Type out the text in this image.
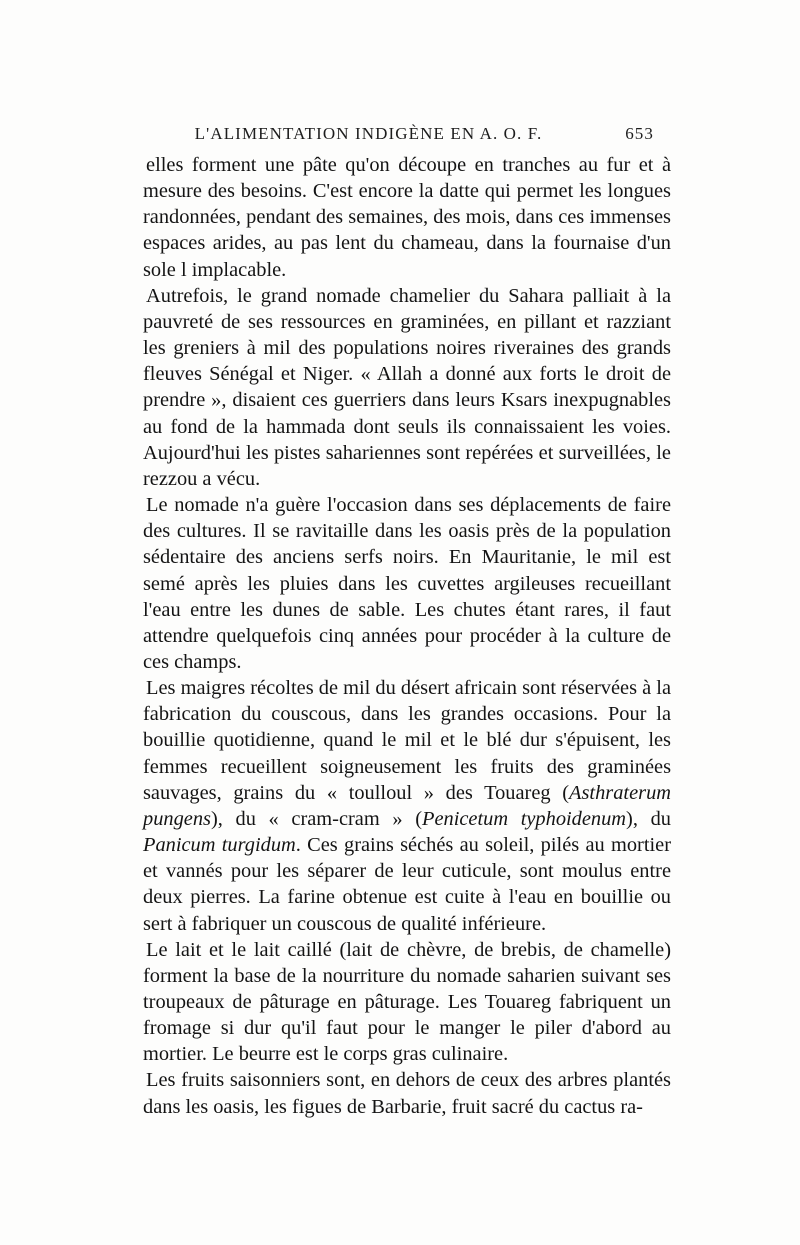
L'ALIMENTATION INDIGÈNE EN A. O. F.	653

elles forment une pâte qu'on découpe en tranches au fur et à mesure des besoins. C'est encore la datte qui permet les longues randonnées, pendant des semaines, des mois, dans ces immenses espaces arides, au pas lent du chameau, dans la fournaise d'un sole l implacable.

Autrefois, le grand nomade chamelier du Sahara palliait à la pauvreté de ses ressources en graminées, en pillant et razziant les greniers à mil des populations noires riveraines des grands fleuves Sénégal et Niger. « Allah a donné aux forts le droit de prendre », disaient ces guerriers dans leurs Ksars inexpugnables au fond de la hammada dont seuls ils connaissaient les voies. Aujourd'hui les pistes sahariennes sont repérées et surveillées, le rezzou a vécu.

Le nomade n'a guère l'occasion dans ses déplacements de faire des cultures. Il se ravitaille dans les oasis près de la population sédentaire des anciens serfs noirs. En Mauritanie, le mil est semé après les pluies dans les cuvettes argileuses recueillant l'eau entre les dunes de sable. Les chutes étant rares, il faut attendre quelquefois cinq années pour procéder à la culture de ces champs.

Les maigres récoltes de mil du désert africain sont réservées à la fabrication du couscous, dans les grandes occasions. Pour la bouillie quotidienne, quand le mil et le blé dur s'épuisent, les femmes recueillent soigneusement les fruits des graminées sauvages, grains du « toulloul » des Touareg (Asthraterum pungens), du « cram-cram » (Penicetum typhoidenum), du Panicum turgidum. Ces grains séchés au soleil, pilés au mortier et vannés pour les séparer de leur cuticule, sont moulus entre deux pierres. La farine obtenue est cuite à l'eau en bouillie ou sert à fabriquer un couscous de qualité inférieure.

Le lait et le lait caillé (lait de chèvre, de brebis, de chamelle) forment la base de la nourriture du nomade saharien suivant ses troupeaux de pâturage en pâturage. Les Touareg fabriquent un fromage si dur qu'il faut pour le manger le piler d'abord au mortier. Le beurre est le corps gras culinaire.

Les fruits saisonniers sont, en dehors de ceux des arbres plantés dans les oasis, les figues de Barbarie, fruit sacré du cactus ra-
